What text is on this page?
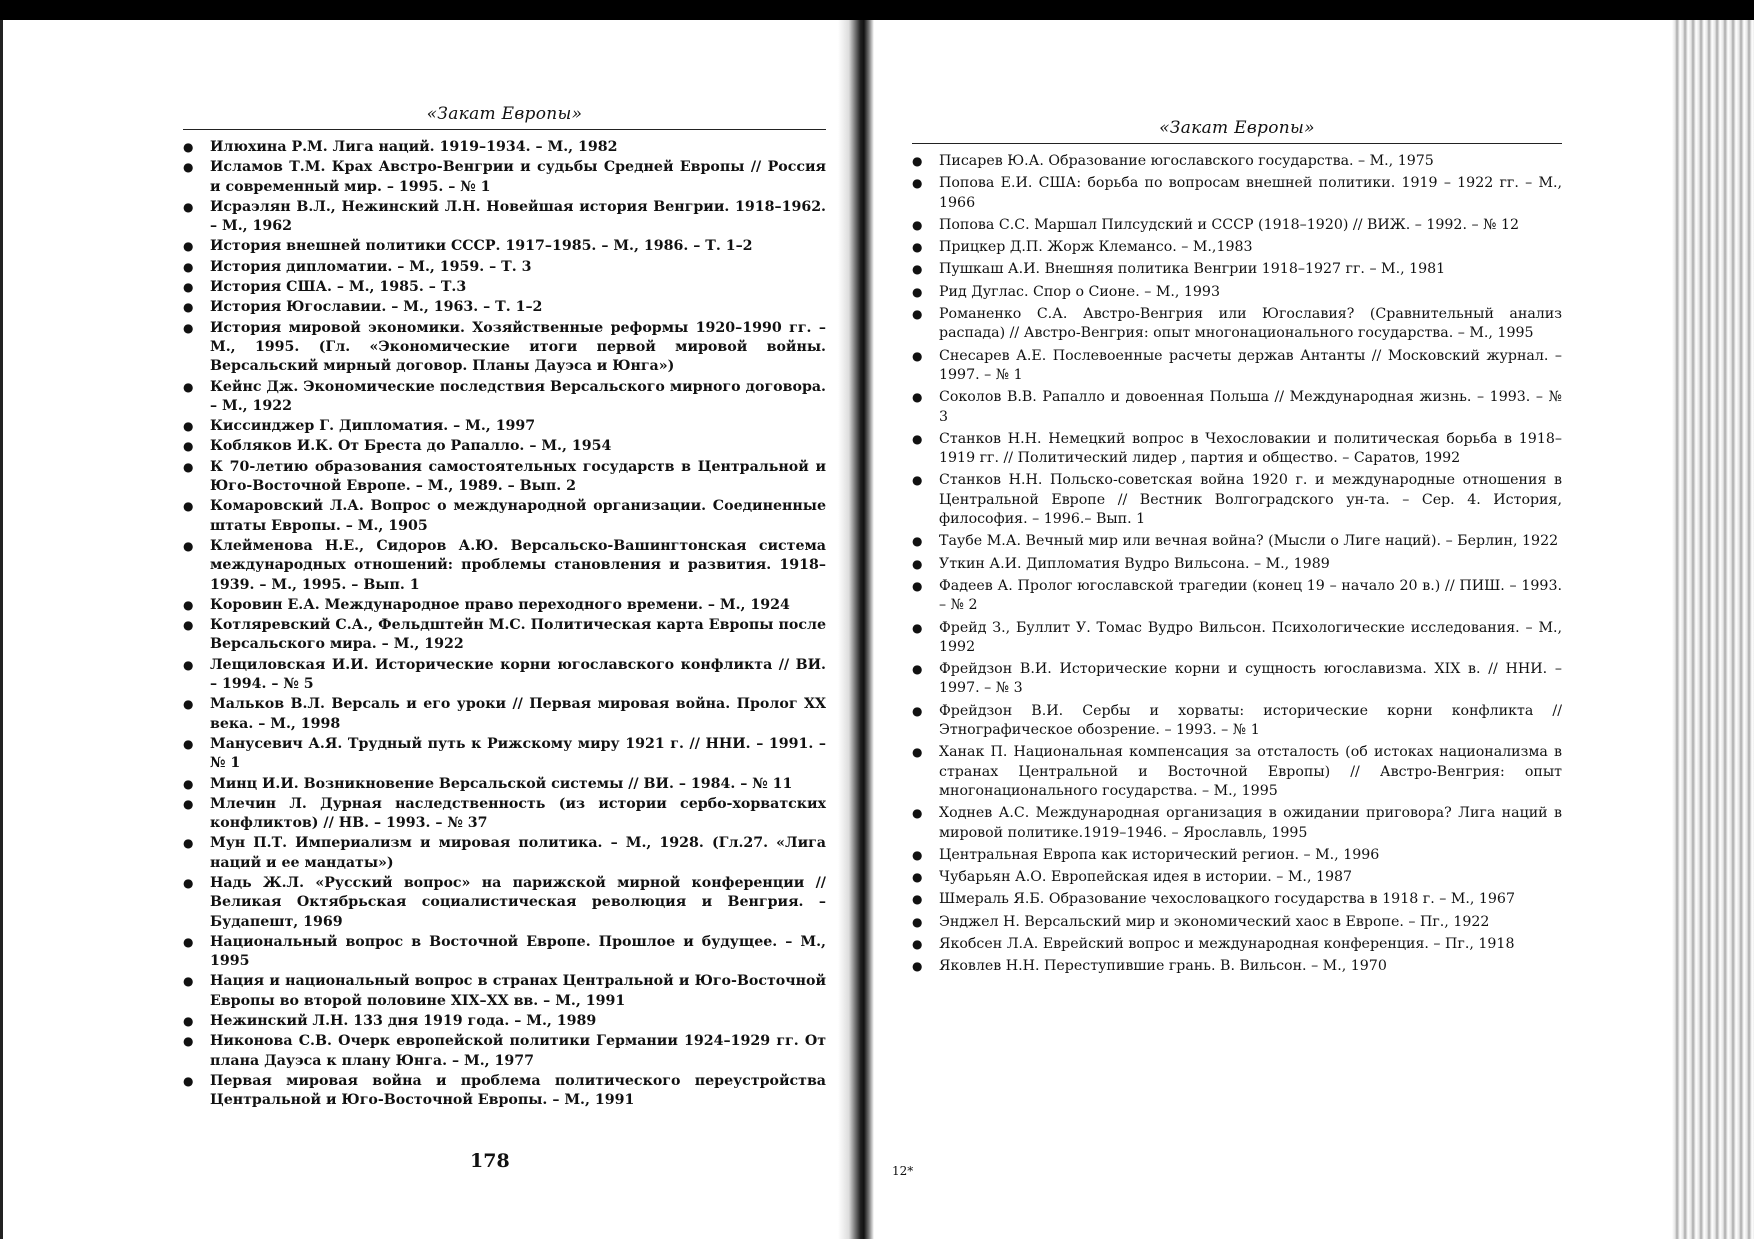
«Закат Европы»
● Илюхина Р.М. Лига наций. 1919–1934. – М., 1982
● Исламов Т.М. Крах Австро-Венгрии и судьбы Средней Европы // Россия и современный мир. – 1995. – № 1
● Исраэлян В.Л., Нежинский Л.Н. Новейшая история Венгрии. 1918–1962. – М., 1962
● История внешней политики СССР. 1917–1985. – М., 1986. – Т. 1–2
● История дипломатии. – М., 1959. – Т. 3
● История США. – М., 1985. – Т.3
● История Югославии. – М., 1963. – Т. 1–2
● История мировой экономики. Хозяйственные реформы 1920–1990 гг. – М., 1995. (Гл. «Экономические итоги первой мировой войны. Версальский мирный договор. Планы Дауэса и Юнга»)
● Кейнс Дж. Экономические последствия Версальского мирного договора. – М., 1922
● Киссинджер Г. Дипломатия. – М., 1997
● Кобляков И.К. От Бреста до Рапалло. – М., 1954
● К 70-летию образования самостоятельных государств в Центральной и Юго-Восточной Европе. – М., 1989. – Вып. 2
● Комаровский Л.А. Вопрос о международной организации. Соединенные штаты Европы. – М., 1905
● Клейменова Н.Е., Сидоров А.Ю. Версальско-Вашингтонская система международных отношений: проблемы становления и развития. 1918–1939. – М., 1995. – Вып. 1
● Коровин Е.А. Международное право переходного времени. – М., 1924
● Котляревский С.А., Фельдштейн М.С. Политическая карта Европы после Версальского мира. – М., 1922
● Лещиловская И.И. Исторические корни югославского конфликта // ВИ. – 1994. – № 5
● Мальков В.Л. Версаль и его уроки // Первая мировая война. Пролог XX века. – М., 1998
● Манусевич А.Я. Трудный путь к Рижскому миру 1921 г. // ННИ. – 1991. – № 1
● Минц И.И. Возникновение Версальской системы // ВИ. – 1984. – № 11
● Млечин Л. Дурная наследственность (из истории сербо-хорватских конфликтов) // НВ. – 1993. – № 37
● Мун П.Т. Империализм и мировая политика. – М., 1928. (Гл.27. «Лига наций и ее мандаты»)
● Надь Ж.Л. «Русский вопрос» на парижской мирной конференции // Великая Октябрьская социалистическая революция и Венгрия. – Будапешт, 1969
● Национальный вопрос в Восточной Европе. Прошлое и будущее. – М., 1995
● Нация и национальный вопрос в странах Центральной и Юго-Восточной Европы во второй половине XIX–XX вв. – М., 1991
● Нежинский Л.Н. 133 дня 1919 года. – М., 1989
● Никонова С.В. Очерк европейской политики Германии 1924–1929 гг. От плана Дауэса к плану Юнга. – М., 1977
● Первая мировая война и проблема политического переустройства Центральной и Юго-Восточной Европы. – М., 1991
178
«Закат Европы»
● Писарев Ю.А. Образование югославского государства. – М., 1975
● Попова Е.И. США: борьба по вопросам внешней политики. 1919 – 1922 гг. – М., 1966
● Попова С.С. Маршал Пилсудский и СССР (1918–1920) // ВИЖ. – 1992. – № 12
● Прицкер Д.П. Жорж Клемансо. – М.,1983
● Пушкаш А.И. Внешняя политика Венгрии 1918–1927 гг. – М., 1981
● Рид Дуглас. Спор о Сионе. – М., 1993
● Романенко С.А. Австро-Венгрия или Югославия? (Сравнительный анализ распада) // Австро-Венгрия: опыт многонационального государства. – М., 1995
● Снесарев А.Е. Послевоенные расчеты держав Антанты // Московский журнал. – 1997. – № 1
● Соколов В.В. Рапалло и довоенная Польша // Международная жизнь. – 1993. – № 3
● Станков Н.Н. Немецкий вопрос в Чехословакии и политическая борьба в 1918–1919 гг. // Политический лидер , партия и общество. – Саратов, 1992
● Станков Н.Н. Польско-советская война 1920 г. и международные отношения в Центральной Европе // Вестник Волгоградского ун-та. – Сер. 4. История, философия. – 1996.– Вып. 1
● Таубе М.А. Вечный мир или вечная война? (Мысли о Лиге наций). – Берлин, 1922
● Уткин А.И. Дипломатия Вудро Вильсона. – М., 1989
● Фадеев А. Пролог югославской трагедии (конец 19 – начало 20 в.) // ПИШ. – 1993. – № 2
● Фрейд З., Буллит У. Томас Вудро Вильсон. Психологические исследования. – М., 1992
● Фрейдзон В.И. Исторические корни и сущность югославизма. XIX в. // ННИ. – 1997. – № 3
● Фрейдзон В.И. Сербы и хорваты: исторические корни конфликта // Этнографическое обозрение. – 1993. – № 1
● Ханак П. Национальная компенсация за отсталость (об истоках национализма в странах Центральной и Восточной Европы) // Австро-Венгрия: опыт многонационального государства. – М., 1995
● Ходнев А.С. Международная организация в ожидании приговора? Лига наций в мировой политике.1919–1946. – Ярославль, 1995
● Центральная Европа как исторический регион. – М., 1996
● Чубарьян А.О. Европейская идея в истории. – М., 1987
● Шмераль Я.Б. Образование чехословацкого государства в 1918 г. – М., 1967
● Энджел Н. Версальский мир и экономический хаос в Европе. – Пг., 1922
● Якобсен Л.А. Еврейский вопрос и международная конференция. – Пг., 1918
● Яковлев Н.Н. Переступившие грань. В. Вильсон. – М., 1970
12*
